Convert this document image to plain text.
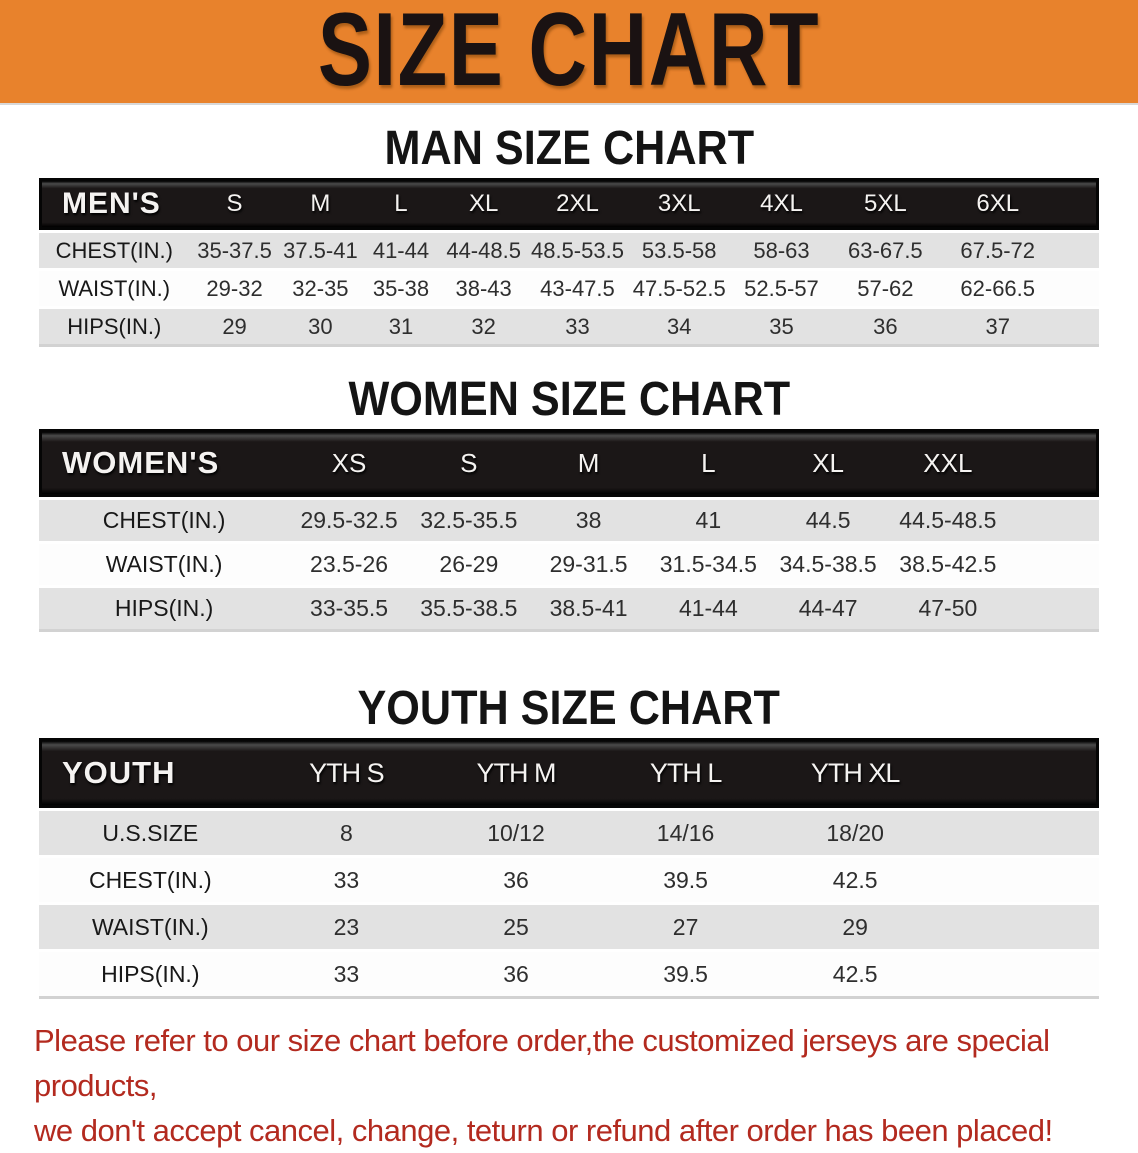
SIZE CHART
MAN SIZE CHART
MEN'S	S	M	L	XL	2XL	3XL	4XL	5XL	6XL	
CHEST(IN.)	35-37.5	37.5-41	41-44	44-48.5	48.5-53.5	53.5-58	58-63	63-67.5	67.5-72	
WAIST(IN.)	29-32	32-35	35-38	38-43	43-47.5	47.5-52.5	52.5-57	57-62	62-66.5	
HIPS(IN.)	29	30	31	32	33	34	35	36	37	
WOMEN SIZE CHART
WOMEN'S	XS	S	M	L	XL	XXL	
CHEST(IN.)	29.5-32.5	32.5-35.5	38	41	44.5	44.5-48.5	
WAIST(IN.)	23.5-26	26-29	29-31.5	31.5-34.5	34.5-38.5	38.5-42.5	
HIPS(IN.)	33-35.5	35.5-38.5	38.5-41	41-44	44-47	47-50	
YOUTH SIZE CHART
YOUTH	YTH S	YTH M	YTH L	YTH XL	
U.S.SIZE	8	10/12	14/16	18/20	
CHEST(IN.)	33	36	39.5	42.5	
WAIST(IN.)	23	25	27	29	
HIPS(IN.)	33	36	39.5	42.5	

Please refer to our size chart before order,the customized jerseys are special products,
we don't accept cancel, change, teturn or refund after order has been placed!
